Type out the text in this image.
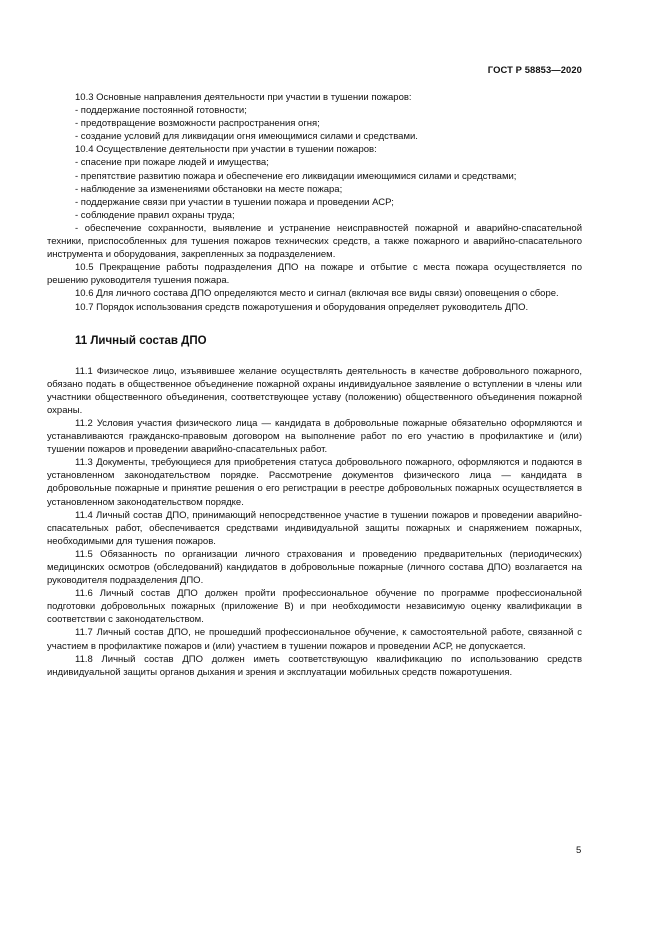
ГОСТ Р 58853—2020

10.3 Основные направления деятельности при участии в тушении пожаров:

- поддержание постоянной готовности;

- предотвращение возможности распространения огня;

- создание условий для ликвидации огня имеющимися силами и средствами.

10.4 Осуществление деятельности при участии в тушении пожаров:

- спасение при пожаре людей и имущества;

- препятствие развитию пожара и обеспечение его ликвидации имеющимися силами и средствами;

- наблюдение за изменениями обстановки на месте пожара;

- поддержание связи при участии в тушении пожара и проведении АСР;

- соблюдение правил охраны труда;

- обеспечение сохранности, выявление и устранение неисправностей пожарной и аварийно-спасательной техники, приспособленных для тушения пожаров технических средств, а также пожарного и аварийно-спасательного инструмента и оборудования, закрепленных за подразделением.

10.5 Прекращение работы подразделения ДПО на пожаре и отбытие с места пожара осуществляется по решению руководителя тушения пожара.

10.6 Для личного состава ДПО определяются место и сигнал (включая все виды связи) оповещения о сборе.

10.7 Порядок использования средств пожаротушения и оборудования определяет руководитель ДПО.

11 Личный состав ДПО

11.1 Физическое лицо, изъявившее желание осуществлять деятельность в качестве добровольного пожарного, обязано подать в общественное объединение пожарной охраны индивидуальное заявление о вступлении в члены или участники общественного объединения, соответствующее уставу (положению) общественного объединения пожарной охраны.

11.2 Условия участия физического лица — кандидата в добровольные пожарные обязательно оформляются и устанавливаются гражданско-правовым договором на выполнение работ по его участию в профилактике и (или) тушении пожаров и проведении аварийно-спасательных работ.

11.3 Документы, требующиеся для приобретения статуса добровольного пожарного, оформляются и подаются в установленном законодательством порядке. Рассмотрение документов физического лица — кандидата в добровольные пожарные и принятие решения о его регистрации в реестре добровольных пожарных осуществляется в установленном законодательством порядке.

11.4 Личный состав ДПО, принимающий непосредственное участие в тушении пожаров и проведении аварийно-спасательных работ, обеспечивается средствами индивидуальной защиты пожарных и снаряжением пожарных, необходимыми для тушения пожаров.

11.5 Обязанность по организации личного страхования и проведению предварительных (периодических) медицинских осмотров (обследований) кандидатов в добровольные пожарные (личного состава ДПО) возлагается на руководителя подразделения ДПО.

11.6 Личный состав ДПО должен пройти профессиональное обучение по программе профессиональной подготовки добровольных пожарных (приложение В) и при необходимости независимую оценку квалификации в соответствии с законодательством.

11.7 Личный состав ДПО, не прошедший профессиональное обучение, к самостоятельной работе, связанной с участием в профилактике пожаров и (или) участием в тушении пожаров и проведении АСР, не допускается.

11.8 Личный состав ДПО должен иметь соответствующую квалификацию по использованию средств индивидуальной защиты органов дыхания и зрения и эксплуатации мобильных средств пожаротушения.

5
